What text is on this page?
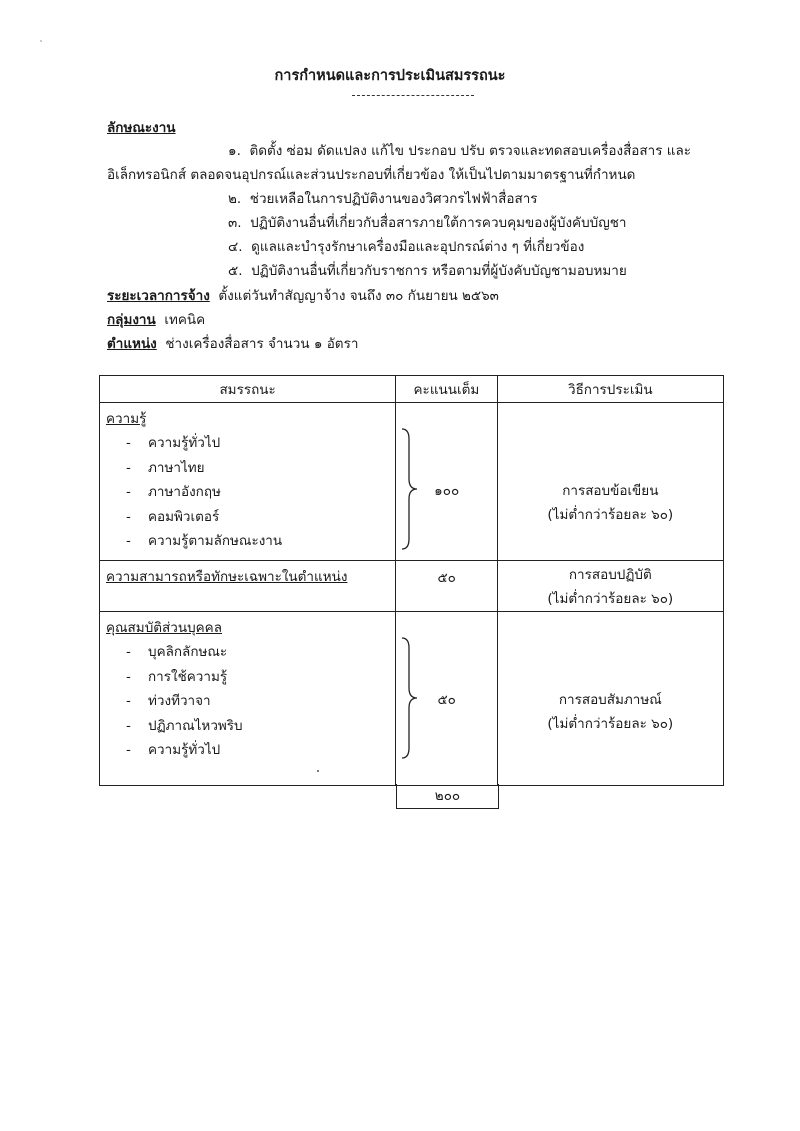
การกำหนดและการประเมินสมรรถนะ
ลักษณะงาน
๑. ติดตั้ง ซ่อม ดัดแปลง แก้ไข ประกอบ ปรับ ตรวจและทดสอบเครื่องสื่อสาร และ
อิเล็กทรอนิกส์ ตลอดจนอุปกรณ์และส่วนประกอบที่เกี่ยวข้อง ให้เป็นไปตามมาตรฐานที่กำหนด
๒. ช่วยเหลือในการปฏิบัติงานของวิศวกรไฟฟ้าสื่อสาร
๓. ปฏิบัติงานอื่นที่เกี่ยวกับสื่อสารภายใต้การควบคุมของผู้บังคับบัญชา
๔. ดูแลและบำรุงรักษาเครื่องมือและอุปกรณ์ต่าง ๆ ที่เกี่ยวข้อง
๕. ปฏิบัติงานอื่นที่เกี่ยวกับราชการ หรือตามที่ผู้บังคับบัญชามอบหมาย
ระยะเวลาการจ้าง ตั้งแต่วันทำสัญญาจ้าง จนถึง ๓๐ กันยายน ๒๕๖๓
กลุ่มงาน เทคนิค
ตำแหน่ง ช่างเครื่องสื่อสาร จำนวน ๑ อัตรา
สมรรถนะ	คะแนนเต็ม	วิธีการประเมิน

ความรู้
- ความรู้ทั่วไป
- ภาษาไทย
- ภาษาอังกฤษ
- คอมพิวเตอร์
- ความรู้ตามลักษณะงาน

๑๐๐	การสอบข้อเขียน
(ไม่ต่ำกว่าร้อยละ ๖๐)

ความสามารถหรือทักษะเฉพาะในตำแหน่ง	๕๐	การสอบปฏิบัติ
(ไม่ต่ำกว่าร้อยละ ๖๐)

คุณสมบัติส่วนบุคคล
- บุคลิกลักษณะ
- การใช้ความรู้
- ท่วงทีวาจา
- ปฏิภาณไหวพริบ
- ความรู้ทั่วไป

๕๐	การสอบสัมภาษณ์
(ไม่ต่ำกว่าร้อยละ ๖๐)
๒๐๐
